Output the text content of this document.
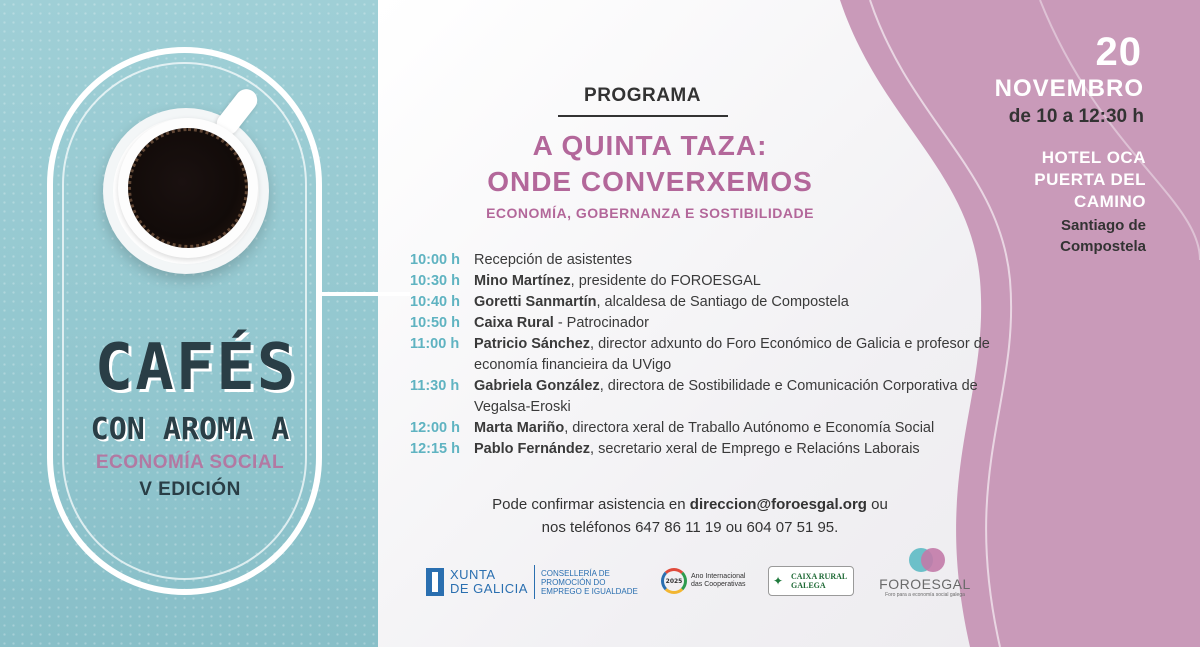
CAFÉS
CON AROMA A
ECONOMÍA SOCIAL
V EDICIÓN
PROGRAMA
A QUINTA TAZA:
ONDE CONVERXEMOS
ECONOMÍA, GOBERNANZA E SOSTIBILIDADE
10:00 h Recepción de asistentes
10:30 h Mino Martínez, presidente do FOROESGAL
10:40 h Goretti Sanmartín, alcaldesa de Santiago de Compostela
10:50 h Caixa Rural - Patrocinador
11:00 h	Patricio Sánchez, director adxunto do Foro Económico de Galicia e profesor de economía financieira da UVigo
11:30 h	Gabriela González, directora de Sostibilidade e Comunicación Corporativa de Vegalsa-Eroski
12:00 h Marta Mariño, directora xeral de Traballo Autónomo e Economía Social
12:15 h Pablo Fernández, secretario xeral de Emprego e Relacións Laborais
Pode confirmar asistencia en direccion@foroesgal.org ou
nos teléfonos 647 86 11 19 ou 604 07 51 95.
20
NOVEMBRO
de 10 a 12:30 h
HOTEL OCA
PUERTA DEL
CAMINO
Santiago de
Compostela
XUNTA
DE GALICIA
CONSELLERÍA DE
PROMOCIÓN DO
EMPREGO E IGUALDADE
2025
Ano Internacional
das Cooperativas ✦ CAIXA RURAL
GALEGA	FOROESGAL
Foro para a economía social galega
